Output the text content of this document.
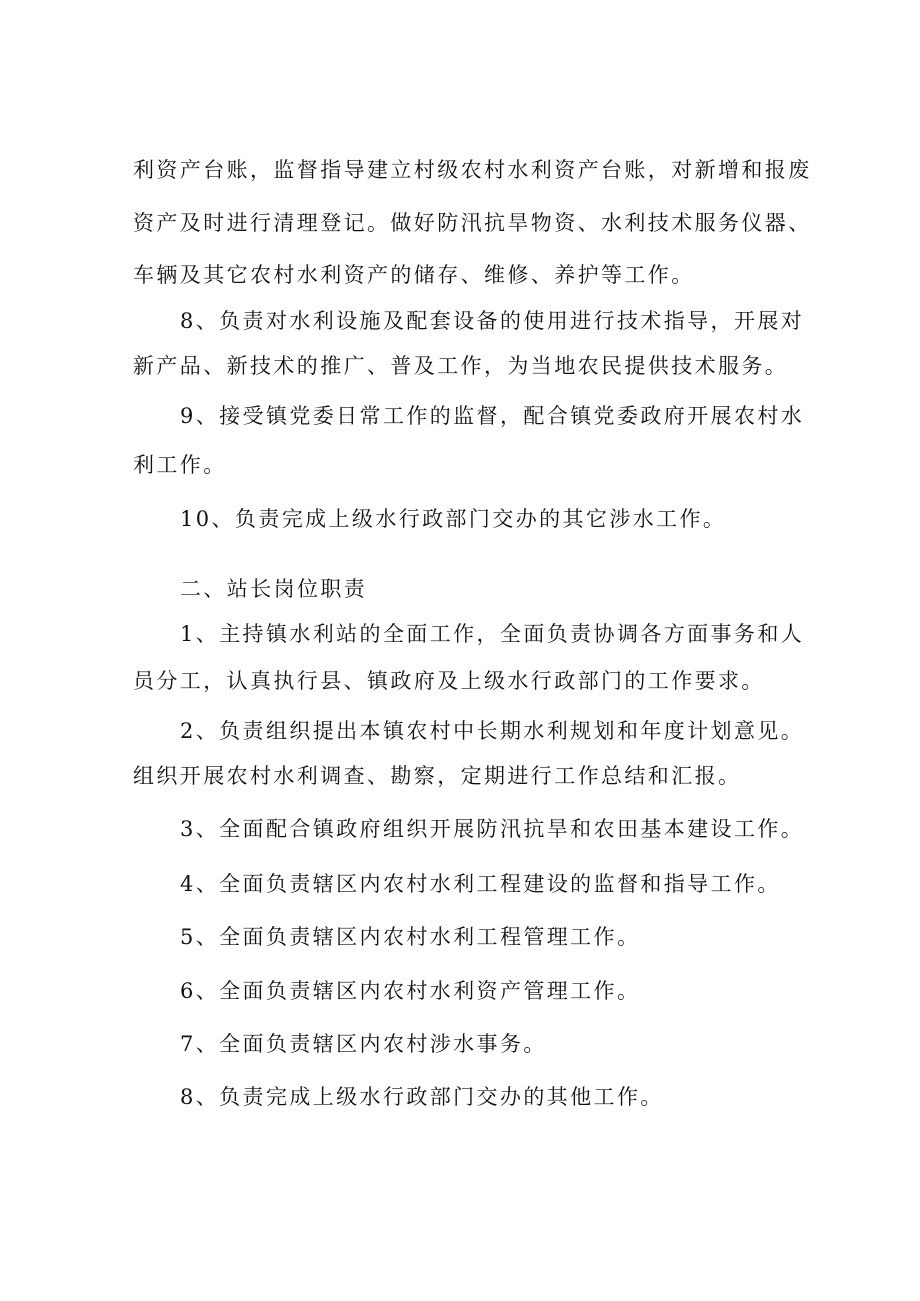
利资产台账，监督指导建立村级农村水利资产台账，对新增和报废

资产及时进行清理登记。做好防汛抗旱物资、水利技术服务仪器、

车辆及其它农村水利资产的储存、维修、养护等工作。

8、负责对水利设施及配套设备的使用进行技术指导，开展对

新产品、新技术的推广、普及工作，为当地农民提供技术服务。

9、接受镇党委日常工作的监督，配合镇党委政府开展农村水

利工作。

10、负责完成上级水行政部门交办的其它涉水工作。

二、站长岗位职责

1、主持镇水利站的全面工作，全面负责协调各方面事务和人

员分工，认真执行县、镇政府及上级水行政部门的工作要求。

2、负责组织提出本镇农村中长期水利规划和年度计划意见。

组织开展农村水利调查、勘察，定期进行工作总结和汇报。

3、全面配合镇政府组织开展防汛抗旱和农田基本建设工作。

4、全面负责辖区内农村水利工程建设的监督和指导工作。

5、全面负责辖区内农村水利工程管理工作。

6、全面负责辖区内农村水利资产管理工作。

7、全面负责辖区内农村涉水事务。

8、负责完成上级水行政部门交办的其他工作。
